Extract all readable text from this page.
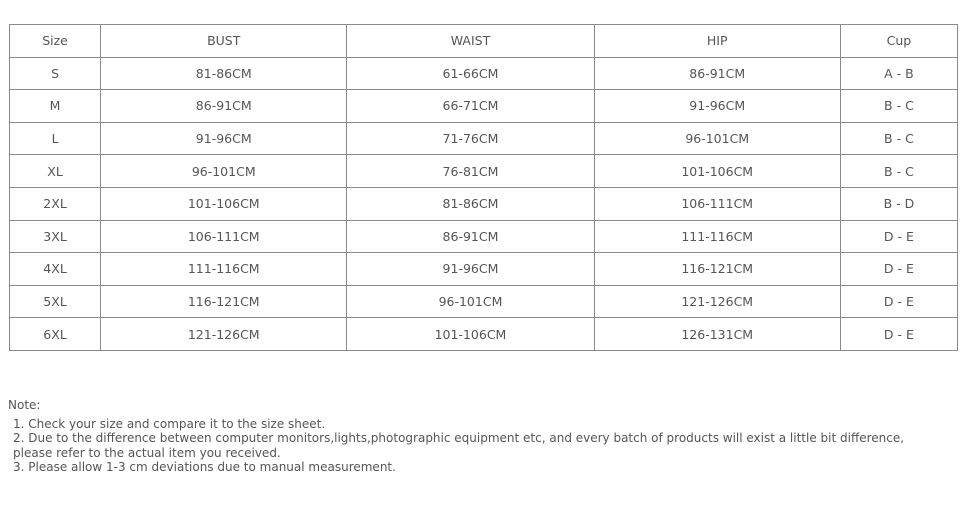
Size	BUST	WAIST	HIP	Cup
S	81-86CM	61-66CM	86-91CM	A - B
M	86-91CM	66-71CM	91-96CM	B - C
L	91-96CM	71-76CM	96-101CM	B - C
XL	96-101CM	76-81CM	101-106CM	B - C
2XL	101-106CM	81-86CM	106-111CM	B - D
3XL	106-111CM	86-91CM	111-116CM	D - E
4XL	111-116CM	91-96CM	116-121CM	D - E
5XL	116-121CM	96-101CM	121-126CM	D - E
6XL	121-126CM	101-106CM	126-131CM	D - E

Note:

1. Check your size and compare it to the size sheet.

2. Due to the difference between computer monitors,lights,photographic equipment etc, and every batch of products will exist a little bit difference,

please refer to the actual item you received.

3. Please allow 1-3 cm deviations due to manual measurement.
